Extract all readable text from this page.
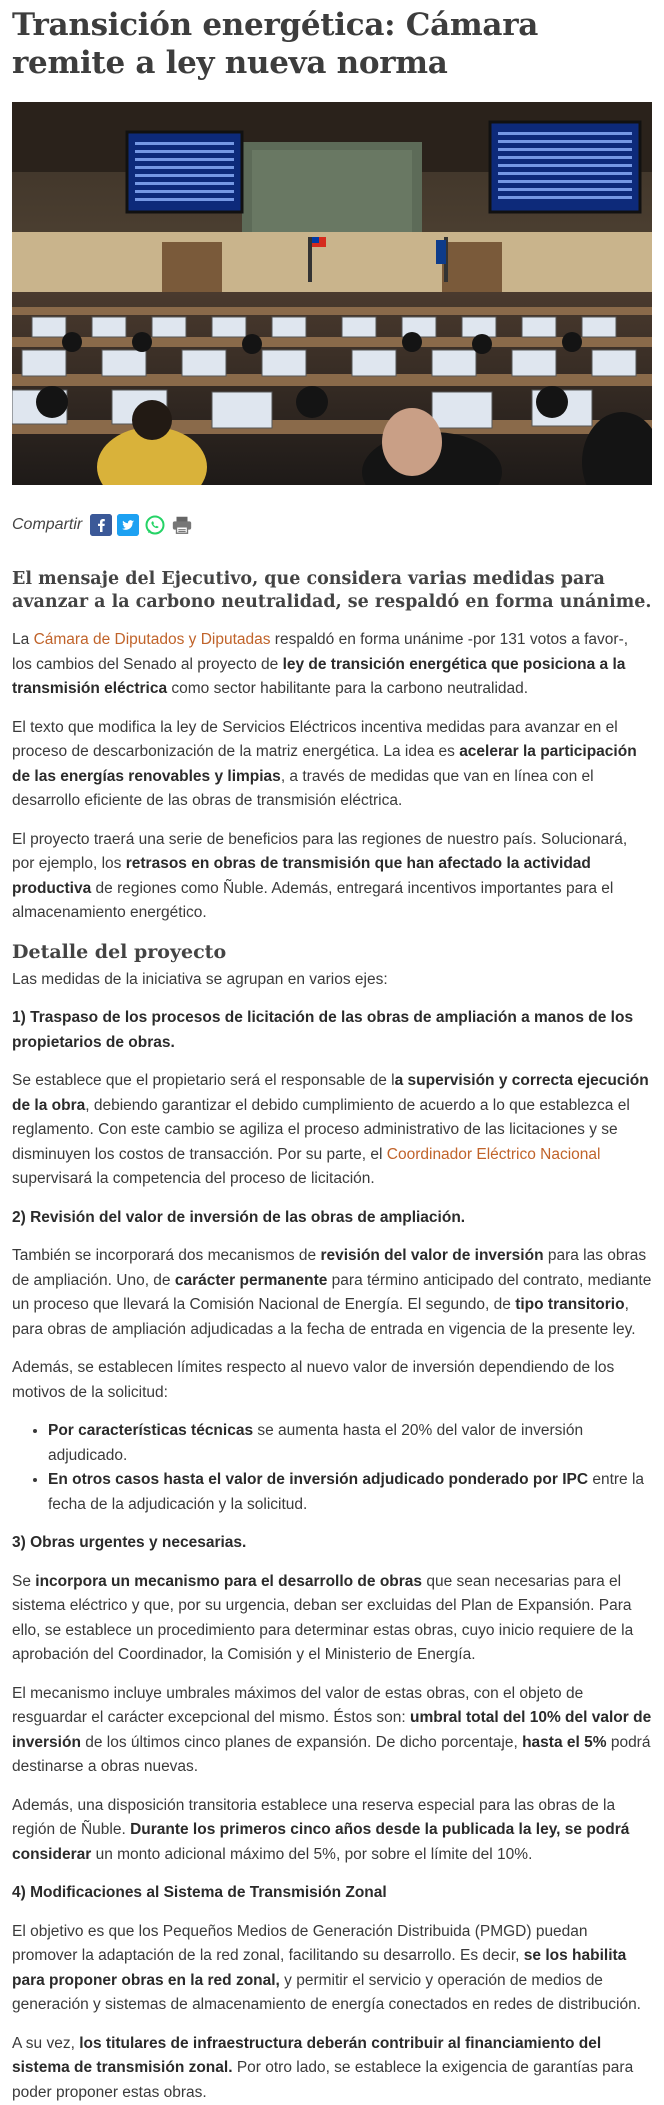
Transición energética: Cámara remite a ley nueva norma
Compartir
El mensaje del Ejecutivo, que considera varias medidas para avanzar a la carbono neutralidad, se respaldó en forma unánime.

La Cámara de Diputados y Diputadas respaldó en forma unánime -por 131 votos a favor-, los cambios del Senado al proyecto de ley de transición energética que posiciona a la transmisión eléctrica como sector habilitante para la carbono neutralidad.

El texto que modifica la ley de Servicios Eléctricos incentiva medidas para avanzar en el proceso de descarbonización de la matriz energética. La idea es acelerar la participación de las energías renovables y limpias, a través de medidas que van en línea con el desarrollo eficiente de las obras de transmisión eléctrica.

El proyecto traerá una serie de beneficios para las regiones de nuestro país. Solucionará, por ejemplo, los retrasos en obras de transmisión que han afectado la actividad productiva de regiones como Ñuble. Además, entregará incentivos importantes para el almacenamiento energético.

Detalle del proyecto

Las medidas de la iniciativa se agrupan en varios ejes:

1) Traspaso de los procesos de licitación de las obras de ampliación a manos de los propietarios de obras.

Se establece que el propietario será el responsable de la supervisión y correcta ejecución de la obra, debiendo garantizar el debido cumplimiento de acuerdo a lo que establezca el reglamento. Con este cambio se agiliza el proceso administrativo de las licitaciones y se disminuyen los costos de transacción. Por su parte, el Coordinador Eléctrico Nacional supervisará la competencia del proceso de licitación.

2) Revisión del valor de inversión de las obras de ampliación.

También se incorporará dos mecanismos de revisión del valor de inversión para las obras de ampliación. Uno, de carácter permanente para término anticipado del contrato, mediante un proceso que llevará la Comisión Nacional de Energía. El segundo, de tipo transitorio, para obras de ampliación adjudicadas a la fecha de entrada en vigencia de la presente ley.

Además, se establecen límites respecto al nuevo valor de inversión dependiendo de los motivos de la solicitud:

• Por características técnicas se aumenta hasta el 20% del valor de inversión adjudicado.
• En otros casos hasta el valor de inversión adjudicado ponderado por IPC entre la fecha de la adjudicación y la solicitud.

3) Obras urgentes y necesarias.

Se incorpora un mecanismo para el desarrollo de obras que sean necesarias para el sistema eléctrico y que, por su urgencia, deban ser excluidas del Plan de Expansión. Para ello, se establece un procedimiento para determinar estas obras, cuyo inicio requiere de la aprobación del Coordinador, la Comisión y el Ministerio de Energía.

El mecanismo incluye umbrales máximos del valor de estas obras, con el objeto de resguardar el carácter excepcional del mismo. Éstos son: umbral total del 10% del valor de inversión de los últimos cinco planes de expansión. De dicho porcentaje, hasta el 5% podrá destinarse a obras nuevas.

Además, una disposición transitoria establece una reserva especial para las obras de la región de Ñuble. Durante los primeros cinco años desde la publicada la ley, se podrá considerar un monto adicional máximo del 5%, por sobre el límite del 10%.

4) Modificaciones al Sistema de Transmisión Zonal

El objetivo es que los Pequeños Medios de Generación Distribuida (PMGD) puedan promover la adaptación de la red zonal, facilitando su desarrollo. Es decir, se los habilita para proponer obras en la red zonal, y permitir el servicio y operación de medios de generación y sistemas de almacenamiento de energía conectados en redes de distribución.

A su vez, los titulares de infraestructura deberán contribuir al financiamiento del sistema de transmisión zonal. Por otro lado, se establece la exigencia de garantías para poder proponer estas obras.
